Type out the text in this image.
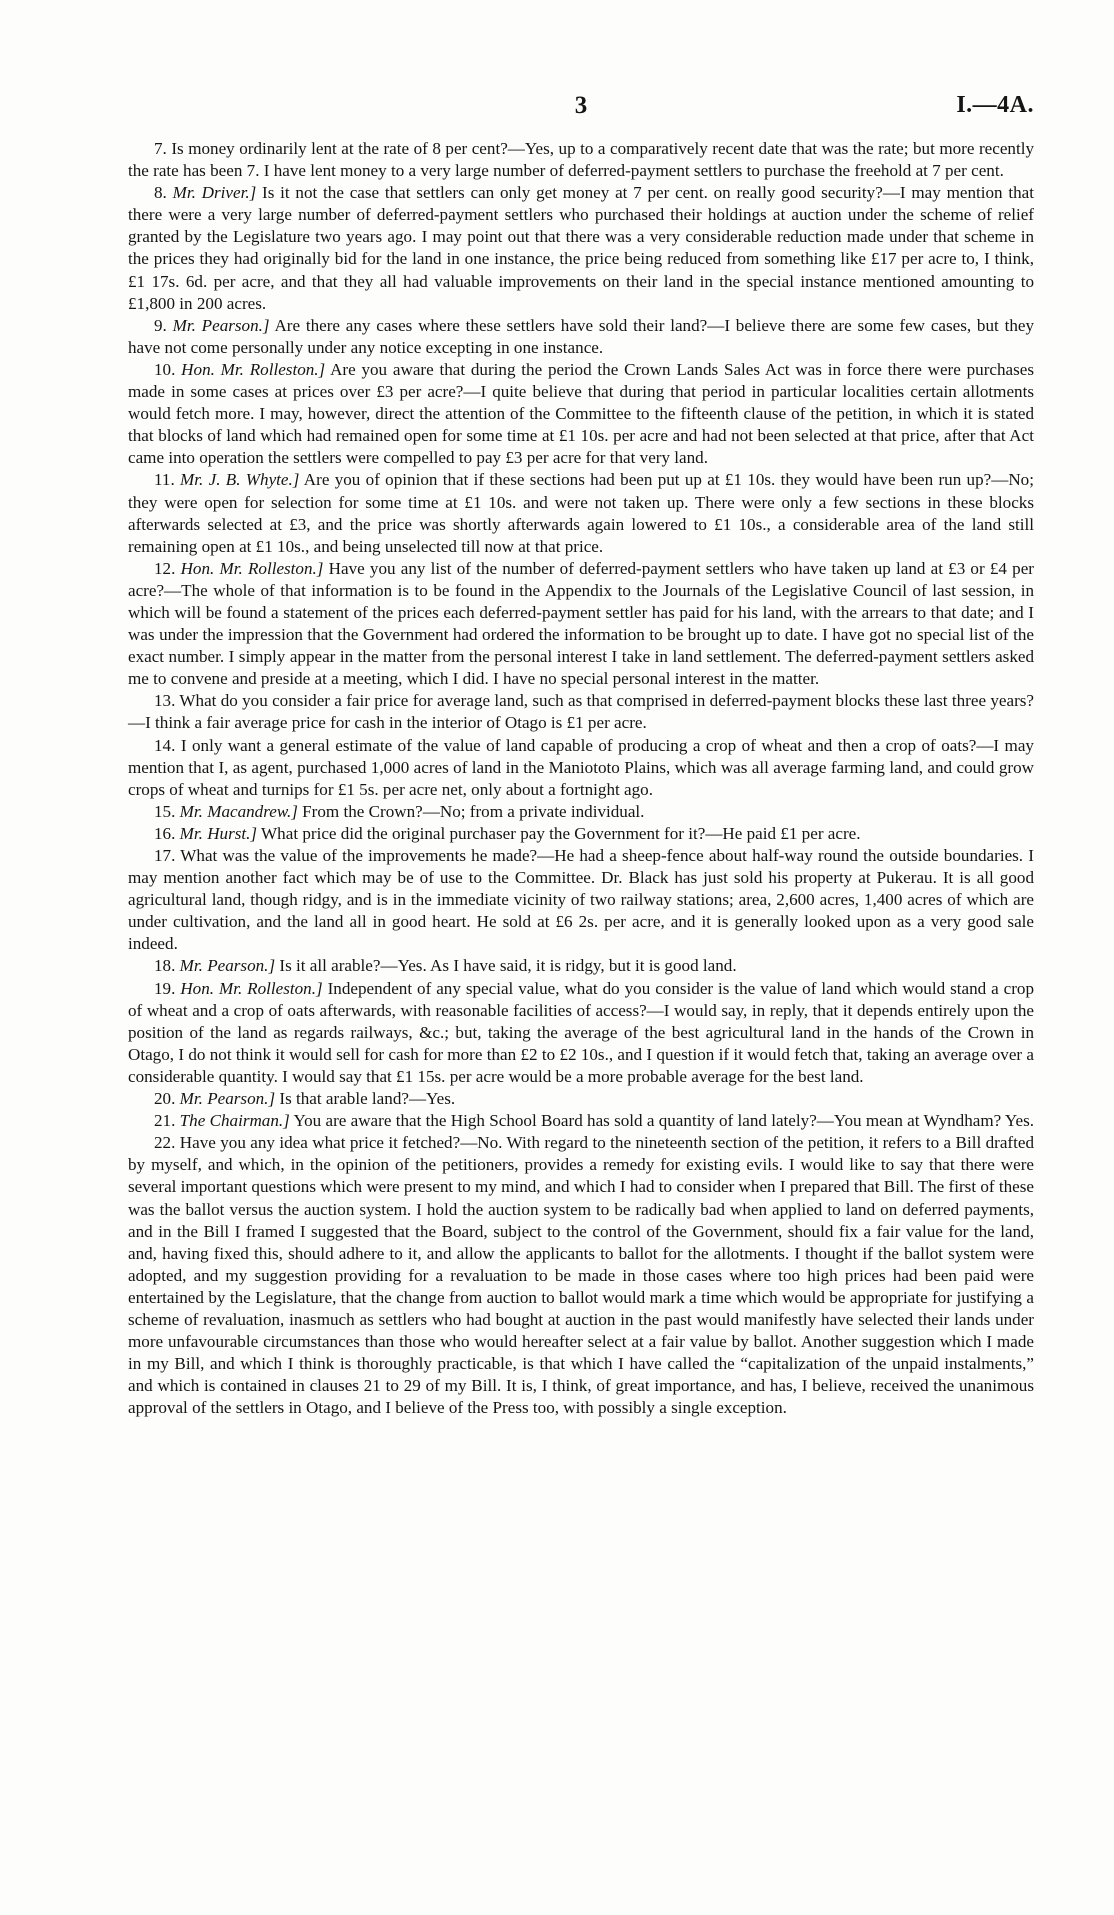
3	I.—4A.

7. Is money ordinarily lent at the rate of 8 per cent?—Yes, up to a comparatively recent date that was the rate; but more recently the rate has been 7. I have lent money to a very large number of deferred-payment settlers to purchase the freehold at 7 per cent.

8. Mr. Driver.] Is it not the case that settlers can only get money at 7 per cent. on really good security?—I may mention that there were a very large number of deferred-payment settlers who purchased their holdings at auction under the scheme of relief granted by the Legislature two years ago. I may point out that there was a very considerable reduction made under that scheme in the prices they had originally bid for the land in one instance, the price being reduced from something like £17 per acre to, I think, £1 17s. 6d. per acre, and that they all had valuable improvements on their land in the special instance mentioned amounting to £1,800 in 200 acres.

9. Mr. Pearson.] Are there any cases where these settlers have sold their land?—I believe there are some few cases, but they have not come personally under any notice excepting in one instance.

10. Hon. Mr. Rolleston.] Are you aware that during the period the Crown Lands Sales Act was in force there were purchases made in some cases at prices over £3 per acre?—I quite believe that during that period in particular localities certain allotments would fetch more. I may, however, direct the attention of the Committee to the fifteenth clause of the petition, in which it is stated that blocks of land which had remained open for some time at £1 10s. per acre and had not been selected at that price, after that Act came into operation the settlers were compelled to pay £3 per acre for that very land.

11. Mr. J. B. Whyte.] Are you of opinion that if these sections had been put up at £1 10s. they would have been run up?—No; they were open for selection for some time at £1 10s. and were not taken up. There were only a few sections in these blocks afterwards selected at £3, and the price was shortly afterwards again lowered to £1 10s., a considerable area of the land still remaining open at £1 10s., and being unselected till now at that price.

12. Hon. Mr. Rolleston.] Have you any list of the number of deferred-payment settlers who have taken up land at £3 or £4 per acre?—The whole of that information is to be found in the Appendix to the Journals of the Legislative Council of last session, in which will be found a statement of the prices each deferred-payment settler has paid for his land, with the arrears to that date; and I was under the impression that the Government had ordered the information to be brought up to date. I have got no special list of the exact number. I simply appear in the matter from the personal interest I take in land settlement. The deferred-payment settlers asked me to convene and preside at a meeting, which I did. I have no special personal interest in the matter.

13. What do you consider a fair price for average land, such as that comprised in deferred-payment blocks these last three years?—I think a fair average price for cash in the interior of Otago is £1 per acre.

14. I only want a general estimate of the value of land capable of producing a crop of wheat and then a crop of oats?—I may mention that I, as agent, purchased 1,000 acres of land in the Maniototo Plains, which was all average farming land, and could grow crops of wheat and turnips for £1 5s. per acre net, only about a fortnight ago.

15. Mr. Macandrew.] From the Crown?—No; from a private individual.

16. Mr. Hurst.] What price did the original purchaser pay the Government for it?—He paid £1 per acre.

17. What was the value of the improvements he made?—He had a sheep-fence about half-way round the outside boundaries. I may mention another fact which may be of use to the Committee. Dr. Black has just sold his property at Pukerau. It is all good agricultural land, though ridgy, and is in the immediate vicinity of two railway stations; area, 2,600 acres, 1,400 acres of which are under cultivation, and the land all in good heart. He sold at £6 2s. per acre, and it is generally looked upon as a very good sale indeed.

18. Mr. Pearson.] Is it all arable?—Yes. As I have said, it is ridgy, but it is good land.

19. Hon. Mr. Rolleston.] Independent of any special value, what do you consider is the value of land which would stand a crop of wheat and a crop of oats afterwards, with reasonable facilities of access?—I would say, in reply, that it depends entirely upon the position of the land as regards railways, &c.; but, taking the average of the best agricultural land in the hands of the Crown in Otago, I do not think it would sell for cash for more than £2 to £2 10s., and I question if it would fetch that, taking an average over a considerable quantity. I would say that £1 15s. per acre would be a more probable average for the best land.

20. Mr. Pearson.] Is that arable land?—Yes.

21. The Chairman.] You are aware that the High School Board has sold a quantity of land lately?—You mean at Wyndham? Yes.

22. Have you any idea what price it fetched?—No. With regard to the nineteenth section of the petition, it refers to a Bill drafted by myself, and which, in the opinion of the petitioners, provides a remedy for existing evils. I would like to say that there were several important questions which were present to my mind, and which I had to consider when I prepared that Bill. The first of these was the ballot versus the auction system. I hold the auction system to be radically bad when applied to land on deferred payments, and in the Bill I framed I suggested that the Board, subject to the control of the Government, should fix a fair value for the land, and, having fixed this, should adhere to it, and allow the applicants to ballot for the allotments. I thought if the ballot system were adopted, and my suggestion providing for a revaluation to be made in those cases where too high prices had been paid were entertained by the Legislature, that the change from auction to ballot would mark a time which would be appropriate for justifying a scheme of revaluation, inasmuch as settlers who had bought at auction in the past would manifestly have selected their lands under more unfavourable circumstances than those who would hereafter select at a fair value by ballot. Another suggestion which I made in my Bill, and which I think is thoroughly practicable, is that which I have called the “capitalization of the unpaid instalments,” and which is contained in clauses 21 to 29 of my Bill. It is, I think, of great importance, and has, I believe, received the unanimous approval of the settlers in Otago, and I believe of the Press too, with possibly a single exception.
